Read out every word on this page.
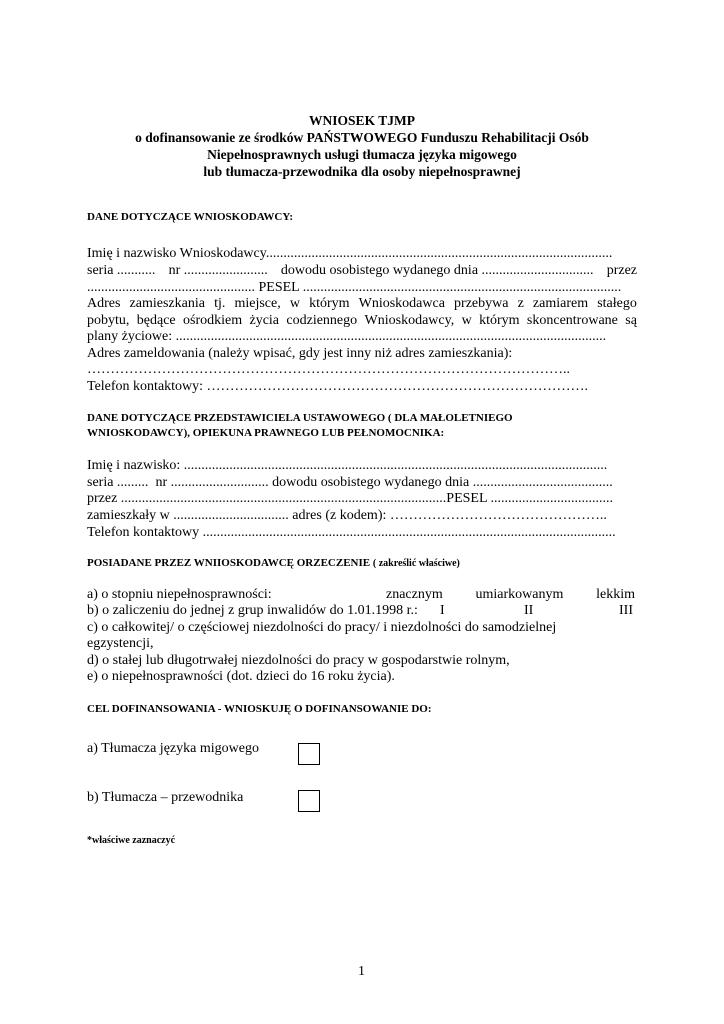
WNIOSEK TJMP
o dofinansowanie ze środków PAŃSTWOWEGO Funduszu Rehabilitacji Osób
Niepełnosprawnych usługi tłumacza języka migowego
lub tłumacza-przewodnika dla osoby niepełnosprawnej
DANE DOTYCZĄCE WNIOSKODAWCY:
Imię i nazwisko Wnioskodawcy...................................................................................................
seria ........... nr ........................ dowodu osobistego wydanego dnia ................................ przez
................................................ PESEL ...........................................................................................
Adres zamieszkania tj. miejsce, w którym Wnioskodawca przebywa z zamiarem stałego
pobytu, będące ośrodkiem życia codziennego Wnioskodawcy, w którym skoncentrowane są
plany życiowe: ...........................................................................................................................
Adres zameldowania (należy wpisać, gdy jest inny niż adres zamieszkania):
…………………………………………………………………………………………..
Telefon kontaktowy: ……………………………………………………………………….
DANE DOTYCZĄCE PRZEDSTAWICIELA USTAWOWEGO ( DLA MAŁOLETNIEGO
WNIOSKODAWCY), OPIEKUNA PRAWNEGO LUB PEŁNOMOCNIKA:
Imię i nazwisko: .........................................................................................................................
seria ......... nr ............................ dowodu osobistego wydanego dnia ........................................
przez .............................................................................................PESEL ...................................
zamieszkały w ................................. adres (z kodem): ………………………………………..
Telefon kontaktowy ......................................................................................................................
POSIADANE PRZEZ WNIIOSKODAWCĘ ORZECZENIE ( zakreślić właściwe)
a) o stopniu niepełnosprawności:	znacznym umiarkowanym lekkim
b) o zaliczeniu do jednej z grup inwalidów do 1.01.1998 r.: I	II	III
c) o całkowitej/ o częściowej niezdolności do pracy/ i niezdolności do samodzielnej
egzystencji,
d) o stałej lub długotrwałej niezdolności do pracy w gospodarstwie rolnym,
e) o niepełnosprawności (dot. dzieci do 16 roku życia).
CEL DOFINANSOWANIA - WNIOSKUJĘ O DOFINANSOWANIE DO:
a) Tłumacza języka migowego
b) Tłumacza – przewodnika
*właściwe zaznaczyć
1
